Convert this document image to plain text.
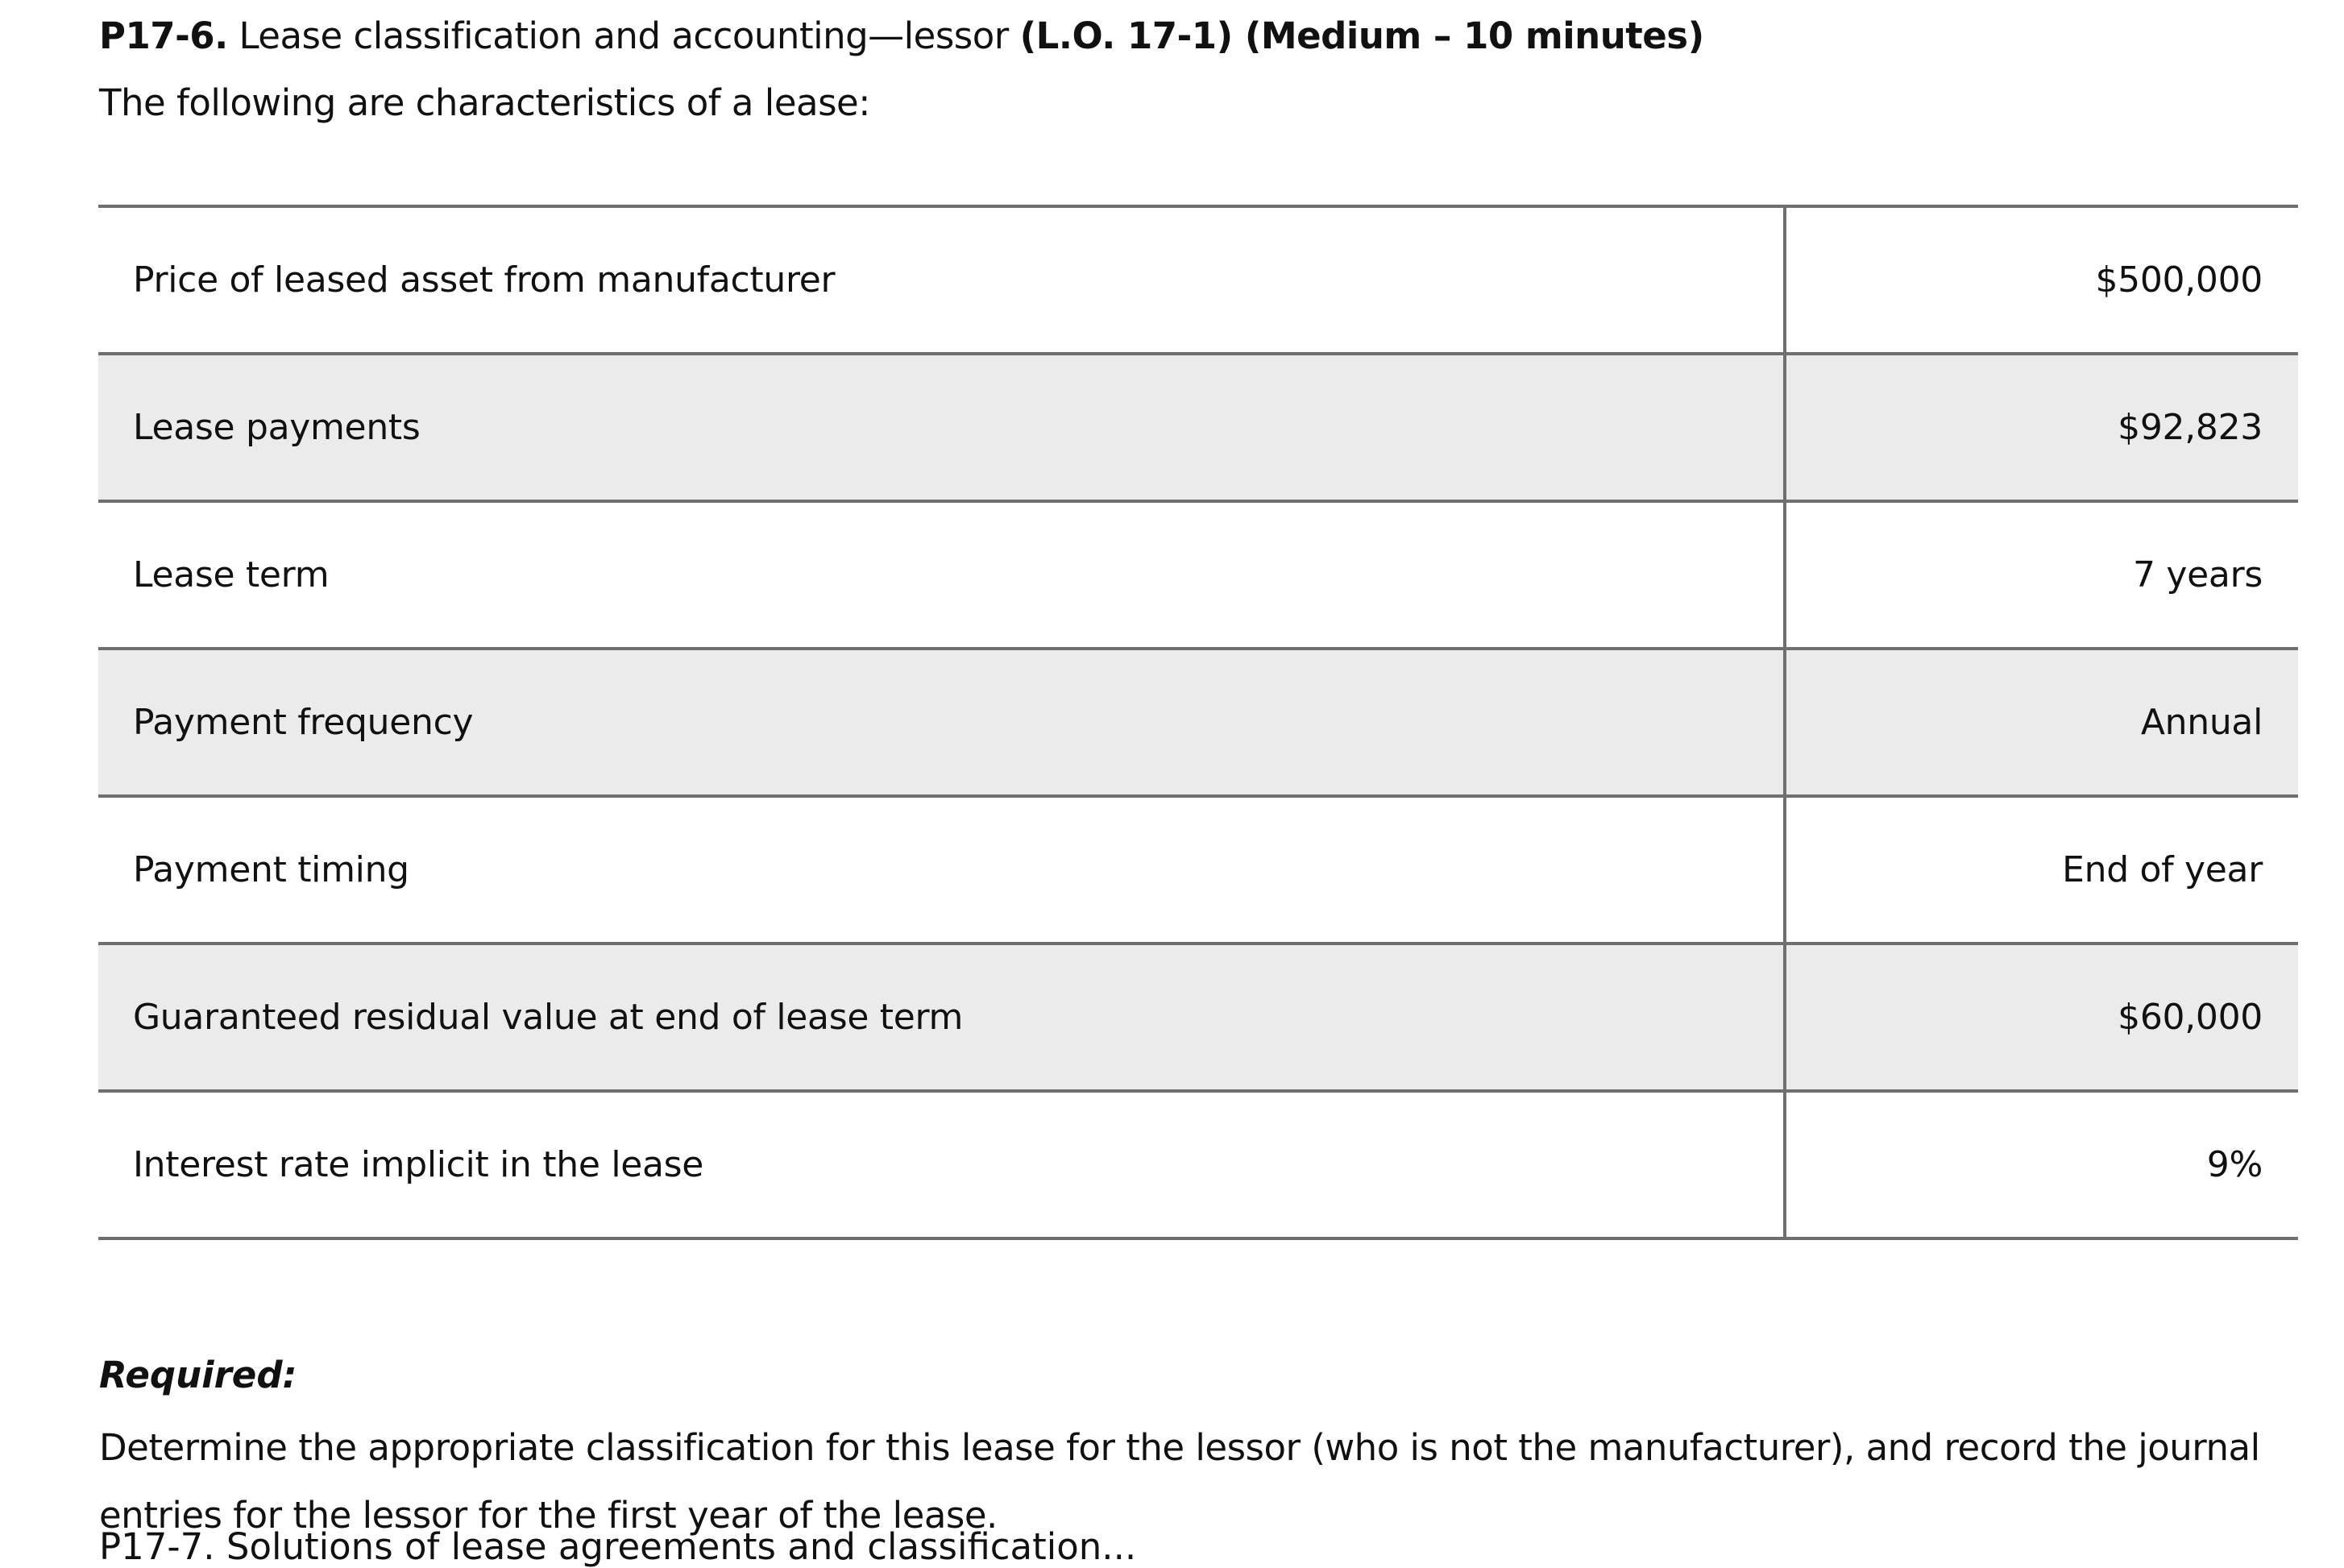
P17-6. Lease classification and accounting—lessor (L.O. 17-1) (Medium – 10 minutes)
The following are characteristics of a lease:
Price of leased asset from manufacturer	$500,000
Lease payments	$92,823
Lease term	7 years
Payment frequency	Annual
Payment timing	End of year
Guaranteed residual value at end of lease term	$60,000
Interest rate implicit in the lease	9%
Required:
Determine the appropriate classification for this lease for the lessor (who is not the manufacturer), and record the journal entries for the lessor for the first year of the lease.
P17-7. Solutions of lease agreements and classification...
